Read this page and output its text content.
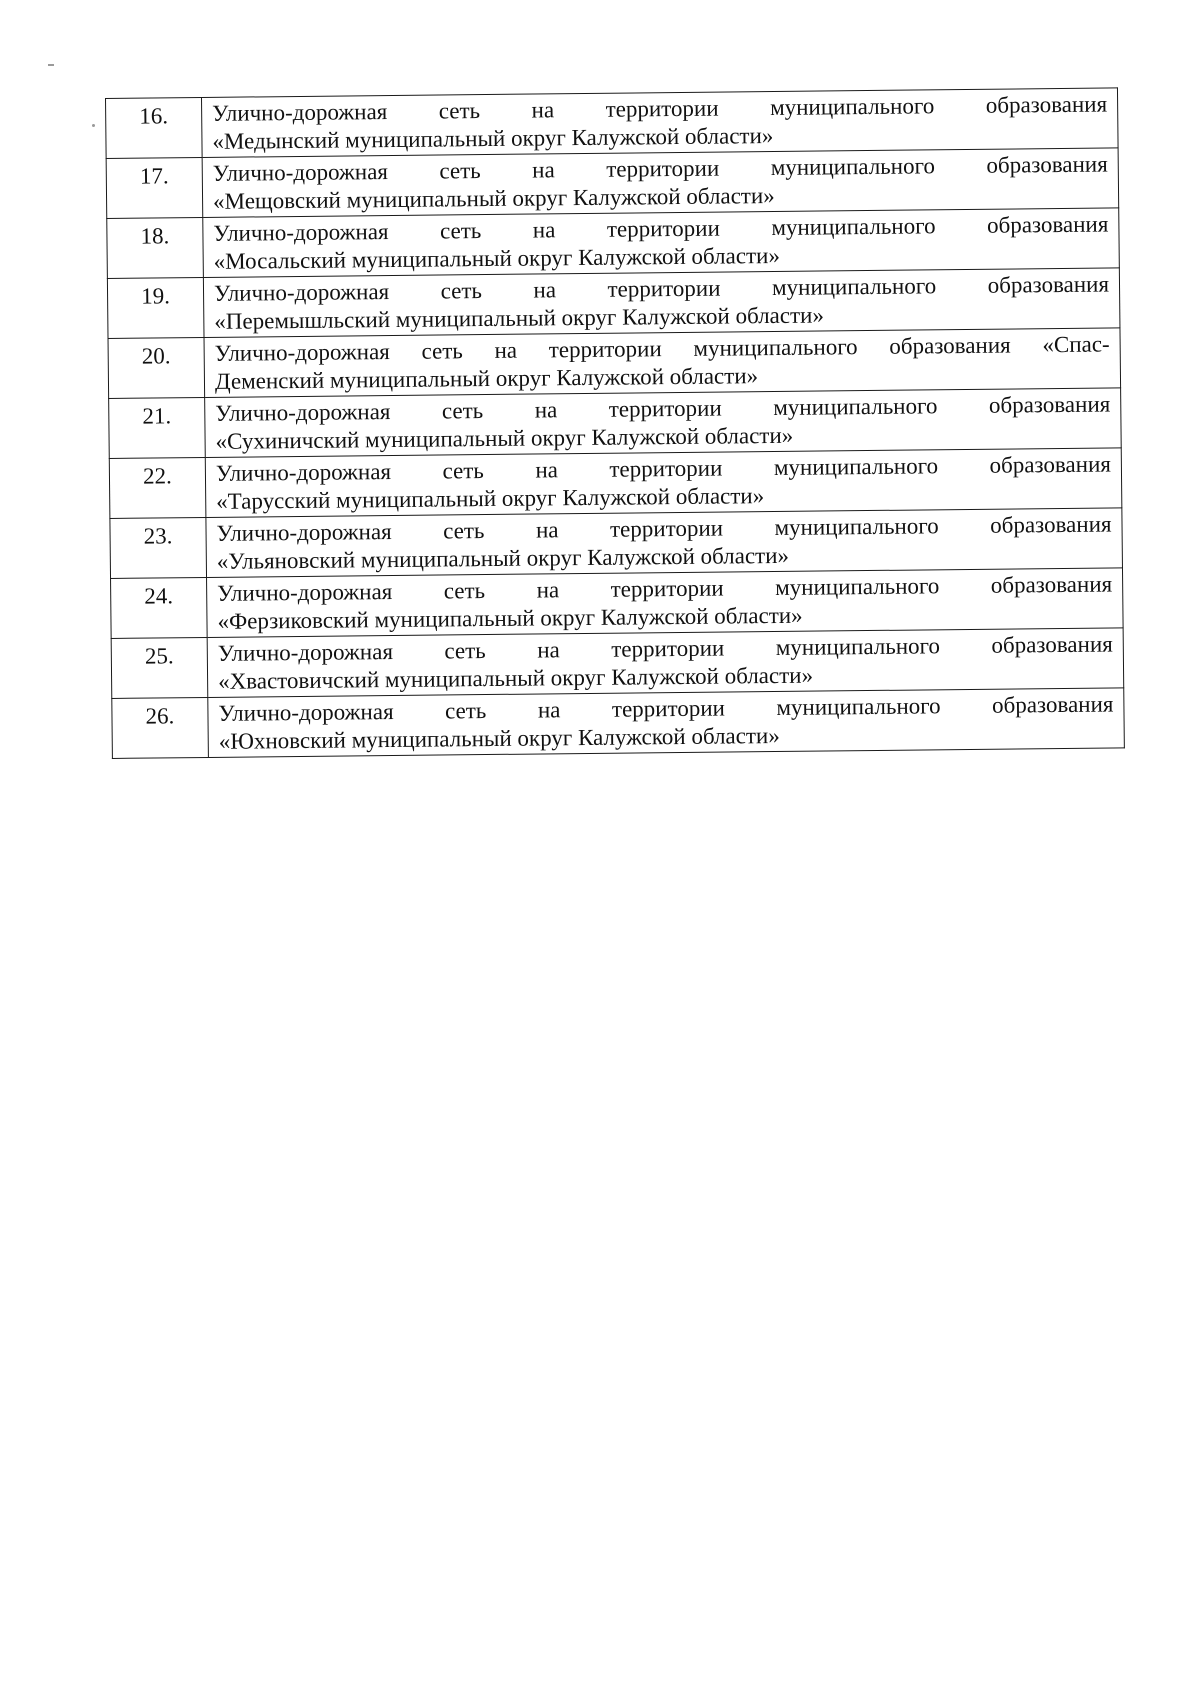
16.	Улично-дорожная сеть на территории муниципального образования
«Медынский муниципальный округ Калужской области»

17.	Улично-дорожная сеть на территории муниципального образования
«Мещовский муниципальный округ Калужской области»

18.	Улично-дорожная сеть на территории муниципального образования
«Мосальский муниципальный округ Калужской области»

19.	Улично-дорожная сеть на территории муниципального образования
«Перемышльский муниципальный округ Калужской области»

20.	Улично-дорожная сеть на территории муниципального образования «Спас-
Деменский муниципальный округ Калужской области»

21.	Улично-дорожная сеть на территории муниципального образования
«Сухиничский муниципальный округ Калужской области»

22.	Улично-дорожная сеть на территории муниципального образования
«Тарусский муниципальный округ Калужской области»

23.	Улично-дорожная сеть на территории муниципального образования
«Ульяновский муниципальный округ Калужской области»

24.	Улично-дорожная сеть на территории муниципального образования
«Ферзиковский муниципальный округ Калужской области»

25.	Улично-дорожная сеть на территории муниципального образования
«Хвастовичский муниципальный округ Калужской области»

26.	Улично-дорожная сеть на территории муниципального образования
«Юхновский муниципальный округ Калужской области»
